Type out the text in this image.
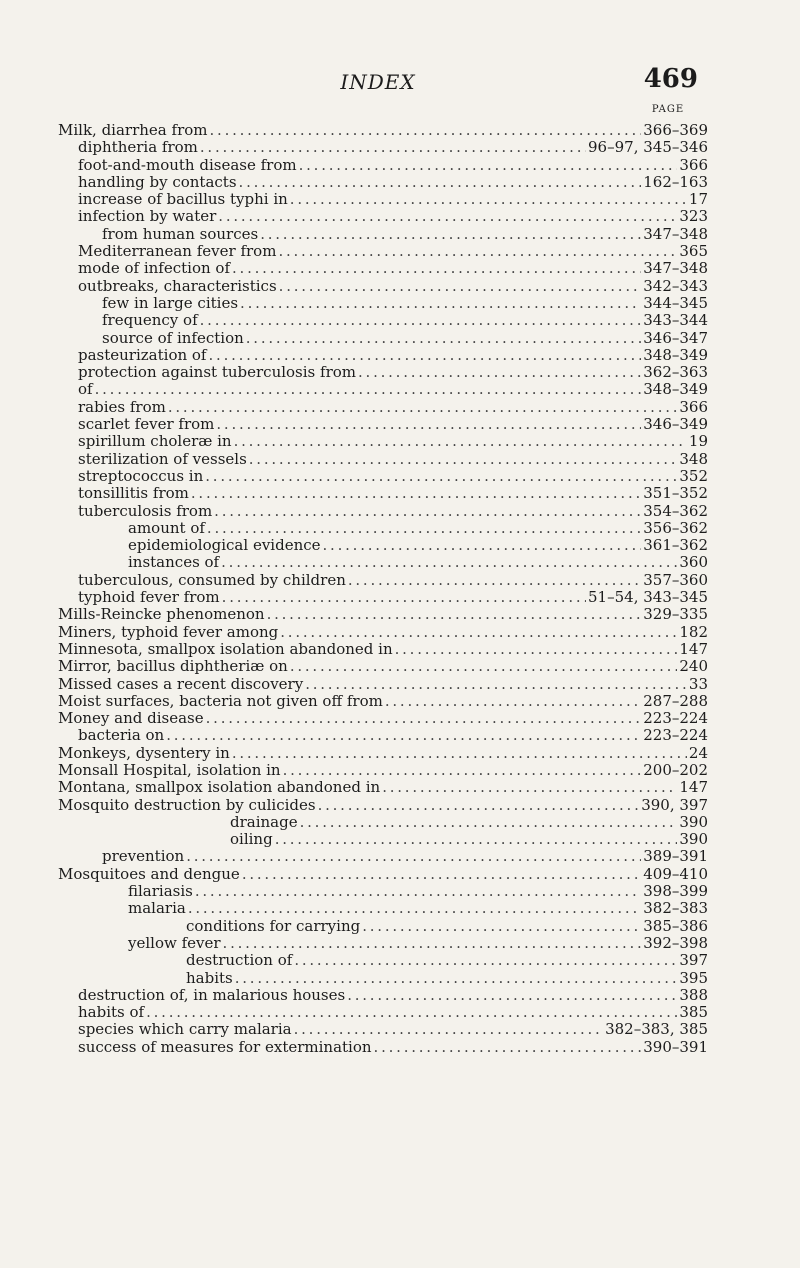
INDEX	469
PAGE
Milk, diarrhea from . . .	366–369
diphtheria from . . .	96–97, 345–346
foot-and-mouth disease from . . .	366
handling by contacts . . .	162–163
increase of bacillus typhi in . . .	17
infection by water . . .	323
from human sources . . .	347–348
Mediterranean fever from . . .	365
mode of infection of . . .	347–348
outbreaks, characteristics . . .	342–343
few in large cities . . .	344–345
frequency of . . .	343–344
source of infection . . .	346–347
pasteurization of . . .	348–349
protection against tuberculosis from . . .	362–363
of . . .	348–349
rabies from . . .	366
scarlet fever from . . .	346–349
spirillum choleræ in . . .	19
sterilization of vessels . . .	348
streptococcus in . . .	352
tonsillitis from . . .	351–352
tuberculosis from . . .	354–362
amount of . . .	356–362
epidemiological evidence . . .	361–362
instances of . . .	360
tuberculous, consumed by children . . .	357–360
typhoid fever from . . .	51–54, 343–345
Mills-Reincke phenomenon . . .	329–335
Miners, typhoid fever among . . .	182
Minnesota, smallpox isolation abandoned in . . .	147
Mirror, bacillus diphtheriæ on . . .	240
Missed cases a recent discovery . . .	33
Moist surfaces, bacteria not given off from . . .	287–288
Money and disease . . .	223–224
bacteria on . . .	223–224
Monkeys, dysentery in . . .	24
Monsall Hospital, isolation in . . .	200–202
Montana, smallpox isolation abandoned in . . .	147
Mosquito destruction by culicides . . .	390, 397
drainage . . .	390
oiling . . .	390
prevention . . .	389–391
Mosquitoes and dengue . . .	409–410
filariasis . . .	398–399
malaria . . .	382–383
conditions for carrying . . .	385–386
yellow fever . . .	392–398
destruction of . . .	397
habits . . .	395
destruction of, in malarious houses . . .	388
habits of . . .	385
species which carry malaria . . .	382–383, 385
success of measures for extermination . . .	390–391
